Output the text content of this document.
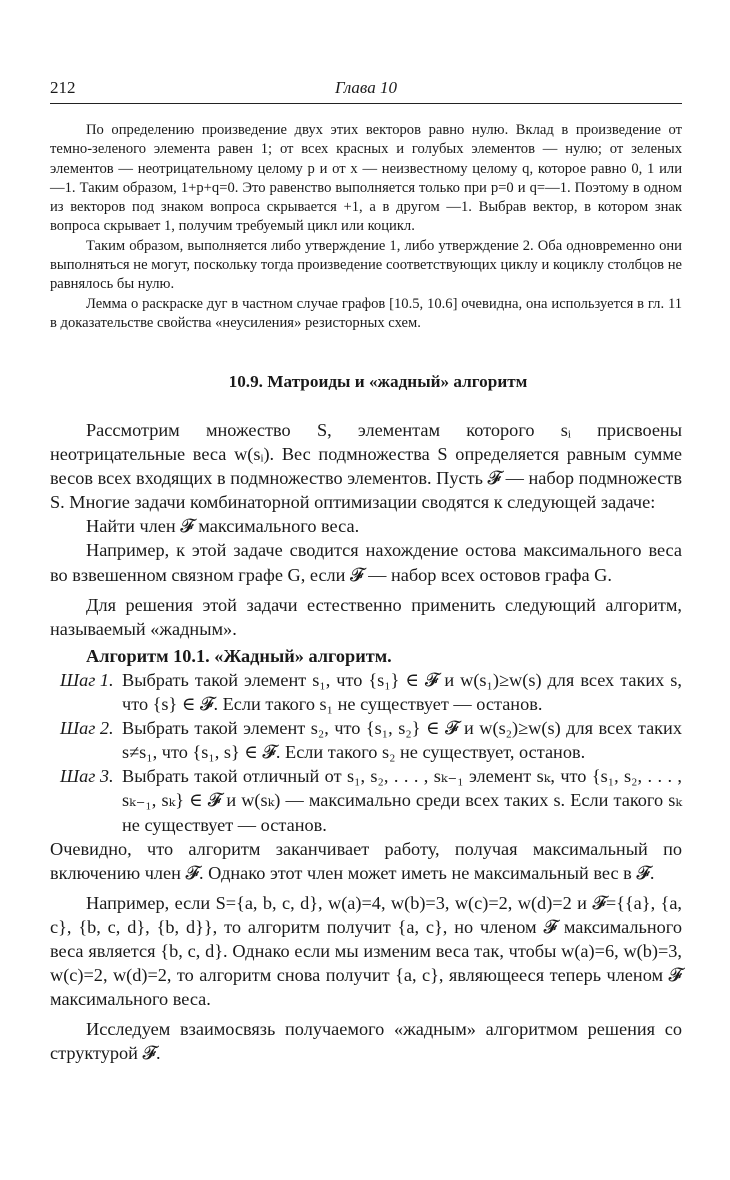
212	Глава 10

По определению произведение двух этих векторов равно нулю. Вклад в произведение от темно-зеленого элемента равен 1; от всех красных и голубых элементов — нулю; от зеленых элементов — неотрицательному целому p и от x — неизвестному целому q, которое равно 0, 1 или —1. Таким образом, 1+p+q=0. Это равенство выполняется только при p=0 и q=—1. Поэтому в одном из векторов под знаком вопроса скрывается +1, а в другом —1. Выбрав вектор, в котором знак вопроса скрывает 1, получим требуемый цикл или коцикл.

Таким образом, выполняется либо утверждение 1, либо утверждение 2. Оба одновременно они выполняться не могут, поскольку тогда произведение соответствующих циклу и коциклу столбцов не равнялось бы нулю.

Лемма о раскраске дуг в частном случае графов [10.5, 10.6] очевидна, она используется в гл. 11 в доказательстве свойства «неусиления» резисторных схем.

10.9. Матроиды и «жадный» алгоритм

Рассмотрим множество S, элементам которого sᵢ присвоены неотрицательные веса w(sᵢ). Вес подмножества S определяется равным сумме весов всех входящих в подмножество элементов. Пусть 𝓕 — набор подмножеств S. Многие задачи комбинаторной оптимизации сводятся к следующей задаче:

Найти член 𝓕 максимального веса.

Например, к этой задаче сводится нахождение остова максимального веса во взвешенном связном графе G, если 𝓕 — набор всех остовов графа G.

Для решения этой задачи естественно применить следующий алгоритм, называемый «жадным».

Алгоритм 10.1. «Жадный» алгоритм.

Шаг 1. Выбрать такой элемент s₁, что {s₁} ∈ 𝓕 и w(s₁)≥w(s) для всех таких s, что {s} ∈ 𝓕. Если такого s₁ не существует — останов.

Шаг 2. Выбрать такой элемент s₂, что {s₁, s₂} ∈ 𝓕 и w(s₂)≥w(s) для всех таких s≠s₁, что {s₁, s} ∈ 𝓕. Если такого s₂ не существует, останов.

Шаг 3. Выбрать такой отличный от s₁, s₂, . . . , sₖ₋₁ элемент sₖ, что {s₁, s₂, . . . , sₖ₋₁, sₖ} ∈ 𝓕 и w(sₖ) — максимально среди всех таких s. Если такого sₖ не существует — останов.

Очевидно, что алгоритм заканчивает работу, получая максимальный по включению член 𝓕. Однако этот член может иметь не максимальный вес в 𝓕.

Например, если S={a, b, c, d}, w(a)=4, w(b)=3, w(c)=2, w(d)=2 и 𝓕={{a}, {a, c}, {b, c, d}, {b, d}}, то алгоритм получит {a, c}, но членом 𝓕 максимального веса является {b, c, d}. Однако если мы изменим веса так, чтобы w(a)=6, w(b)=3, w(c)=2, w(d)=2, то алгоритм снова получит {a, c}, являющееся теперь членом 𝓕 максимального веса.

Исследуем взаимосвязь получаемого «жадным» алгоритмом решения со структурой 𝓕.
